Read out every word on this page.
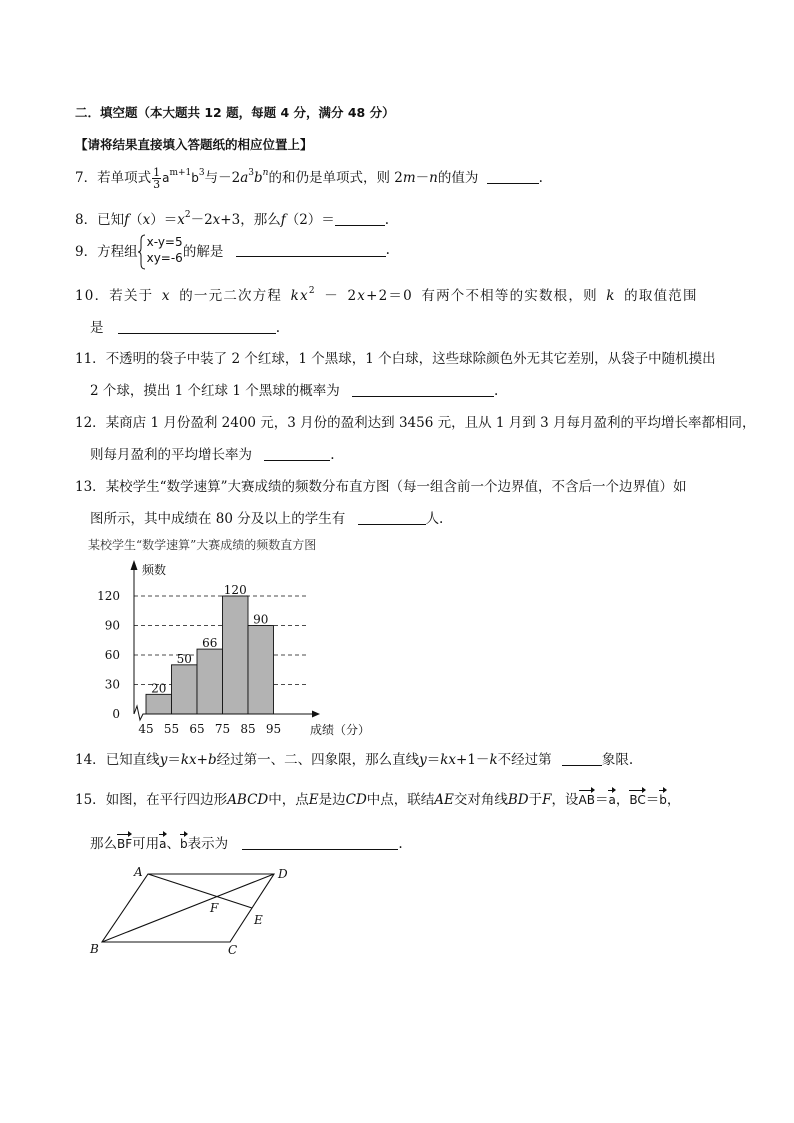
二．填空题（本大题共 12 题，每题 4 分，满分 48 分）
【请将结果直接填入答题纸的相应位置上】
7．若单项式 $\frac{1}{3} a^{m+1}b^3$与$-2a^3b^n$的和仍是单项式，则 2m－n的值为	.
8．已知$f(x)=x^2-2x+3$，那么f（2）＝	.
9．方程组
x-y=5
xy=-6 的解是	.
10．若关于 x 的一元二次方程 $kx^2 - 2x+2=0$ 有两个不相等的实数根，则 k 的取值范围
是	.
11．不透明的袋子中装了 2 个红球，1 个黑球，1 个白球，这些球除颜色外无其它差别，从袋子中随机摸出
2 个球，摸出 1 个红球 1 个黑球的概率为	.
12．某商店 1 月份盈利 2400 元，3 月份的盈利达到 3456 元，且从 1 月到 3 月每月盈利的平均增长率都相同，
则每月盈利的平均增长率为	.
13．某校学生“数学速算”大赛成绩的频数分布直方图（每一组含前一个边界值，不含后一个边界值）如
图所示，其中成绩在 80 分及以上的学生有	人.
某校学生“数学速算”大赛成绩的频数直方图
20
50
66
120
90
0
30
60
90
120
45 55 65 75 85 95
频数
成绩（分）
14．已知直线y＝kx+b经过第一、二、四象限，那么直线y＝kx+1－k不经过第	象限.
15．如图，在平行四边形ABCD中，点E是边CD中点，联结AE交对角线BD于F，设AB＝a，BC＝b，
那么BF可用a、b表示为	.
A	D
B	C
E
F
